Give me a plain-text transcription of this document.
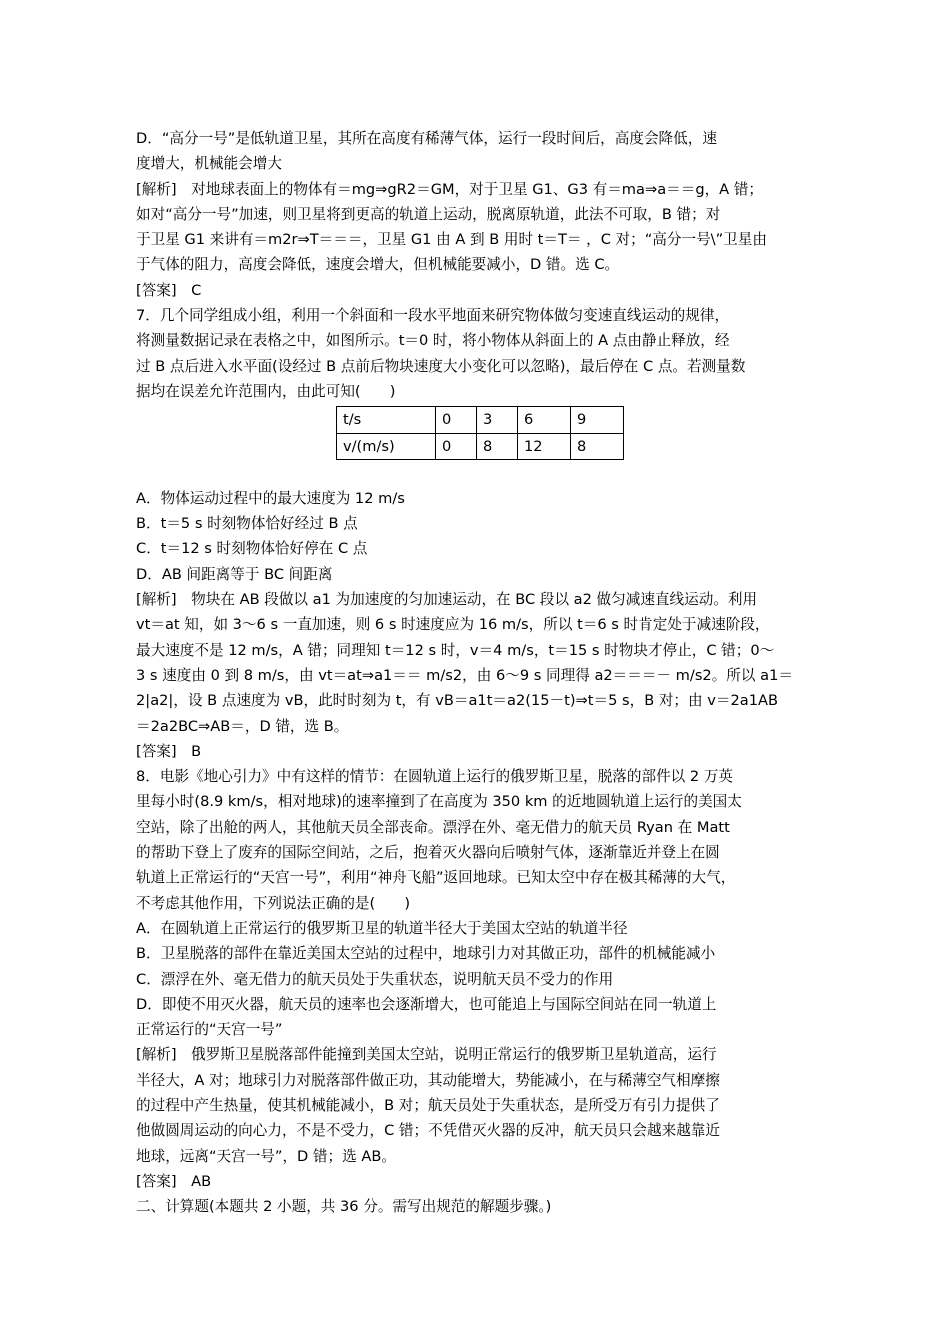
D．“高分一号”是低轨道卫星，其所在高度有稀薄气体，运行一段时间后，高度会降低，速
度增大，机械能会增大
[解析]　对地球表面上的物体有＝mg⇒gR2＝GM，对于卫星 G1、G3 有＝ma⇒a＝＝g，A 错；
如对“高分一号”加速，则卫星将到更高的轨道上运动，脱离原轨道，此法不可取，B 错；对
于卫星 G1 来讲有＝m2r⇒T＝＝＝，卫星 G1 由 A 到 B 用时 t＝T＝ ，C 对；“高分一号\”卫星由
于气体的阻力，高度会降低，速度会增大，但机械能要减小，D 错。选 C。
[答案]　C
7．几个同学组成小组，利用一个斜面和一段水平地面来研究物体做匀变速直线运动的规律，
将测量数据记录在表格之中，如图所示。t＝0 时，将小物体从斜面上的 A 点由静止释放，经
过 B 点后进入水平面(设经过 B 点前后物块速度大小变化可以忽略)，最后停在 C 点。若测量数
据均在误差允许范围内，由此可知(　　)
t/s	0	3	6	9
v/(m/s)	0	8	12	8
A．物体运动过程中的最大速度为 12 m/s
B．t＝5 s 时刻物体恰好经过 B 点
C．t＝12 s 时刻物体恰好停在 C 点
D．AB 间距离等于 BC 间距离
[解析]　物块在 AB 段做以 a1 为加速度的匀加速运动，在 BC 段以 a2 做匀减速直线运动。利用
vt＝at 知，如 3～6 s 一直加速，则 6 s 时速度应为 16 m/s，所以 t＝6 s 时肯定处于减速阶段，
最大速度不是 12 m/s，A 错；同理知 t＝12 s 时，v＝4 m/s，t＝15 s 时物块才停止，C 错；0～
3 s 速度由 0 到 8 m/s，由 vt＝at⇒a1＝＝ m/s2，由 6～9 s 同理得 a2＝＝＝－ m/s2。所以 a1＝
2|a2|，设 B 点速度为 vB，此时时刻为 t，有 vB＝a1t＝a2(15－t)⇒t＝5 s，B 对；由 v＝2a1AB
＝2a2BC⇒AB＝，D 错，选 B。
[答案]　B
8．电影《地心引力》中有这样的情节：在圆轨道上运行的俄罗斯卫星，脱落的部件以 2 万英
里每小时(8.9 km/s，相对地球)的速率撞到了在高度为 350 km 的近地圆轨道上运行的美国太
空站，除了出舱的两人，其他航天员全部丧命。漂浮在外、毫无借力的航天员 Ryan 在 Matt
的帮助下登上了废弃的国际空间站，之后，抱着灭火器向后喷射气体，逐渐靠近并登上在圆
轨道上正常运行的“天宫一号”，利用“神舟飞船”返回地球。已知太空中存在极其稀薄的大气，
不考虑其他作用，下列说法正确的是(　　)
A．在圆轨道上正常运行的俄罗斯卫星的轨道半径大于美国太空站的轨道半径
B．卫星脱落的部件在靠近美国太空站的过程中，地球引力对其做正功，部件的机械能减小
C．漂浮在外、毫无借力的航天员处于失重状态，说明航天员不受力的作用
D．即使不用灭火器，航天员的速率也会逐渐增大，也可能追上与国际空间站在同一轨道上
正常运行的“天宫一号”
[解析]　俄罗斯卫星脱落部件能撞到美国太空站，说明正常运行的俄罗斯卫星轨道高，运行
半径大，A 对；地球引力对脱落部件做正功，其动能增大，势能减小，在与稀薄空气相摩擦
的过程中产生热量，使其机械能减小，B 对；航天员处于失重状态，是所受万有引力提供了
他做圆周运动的向心力，不是不受力，C 错；不凭借灭火器的反冲，航天员只会越来越靠近
地球，远离“天宫一号”，D 错；选 AB。
[答案]　AB
二、计算题(本题共 2 小题，共 36 分。需写出规范的解题步骤。)
